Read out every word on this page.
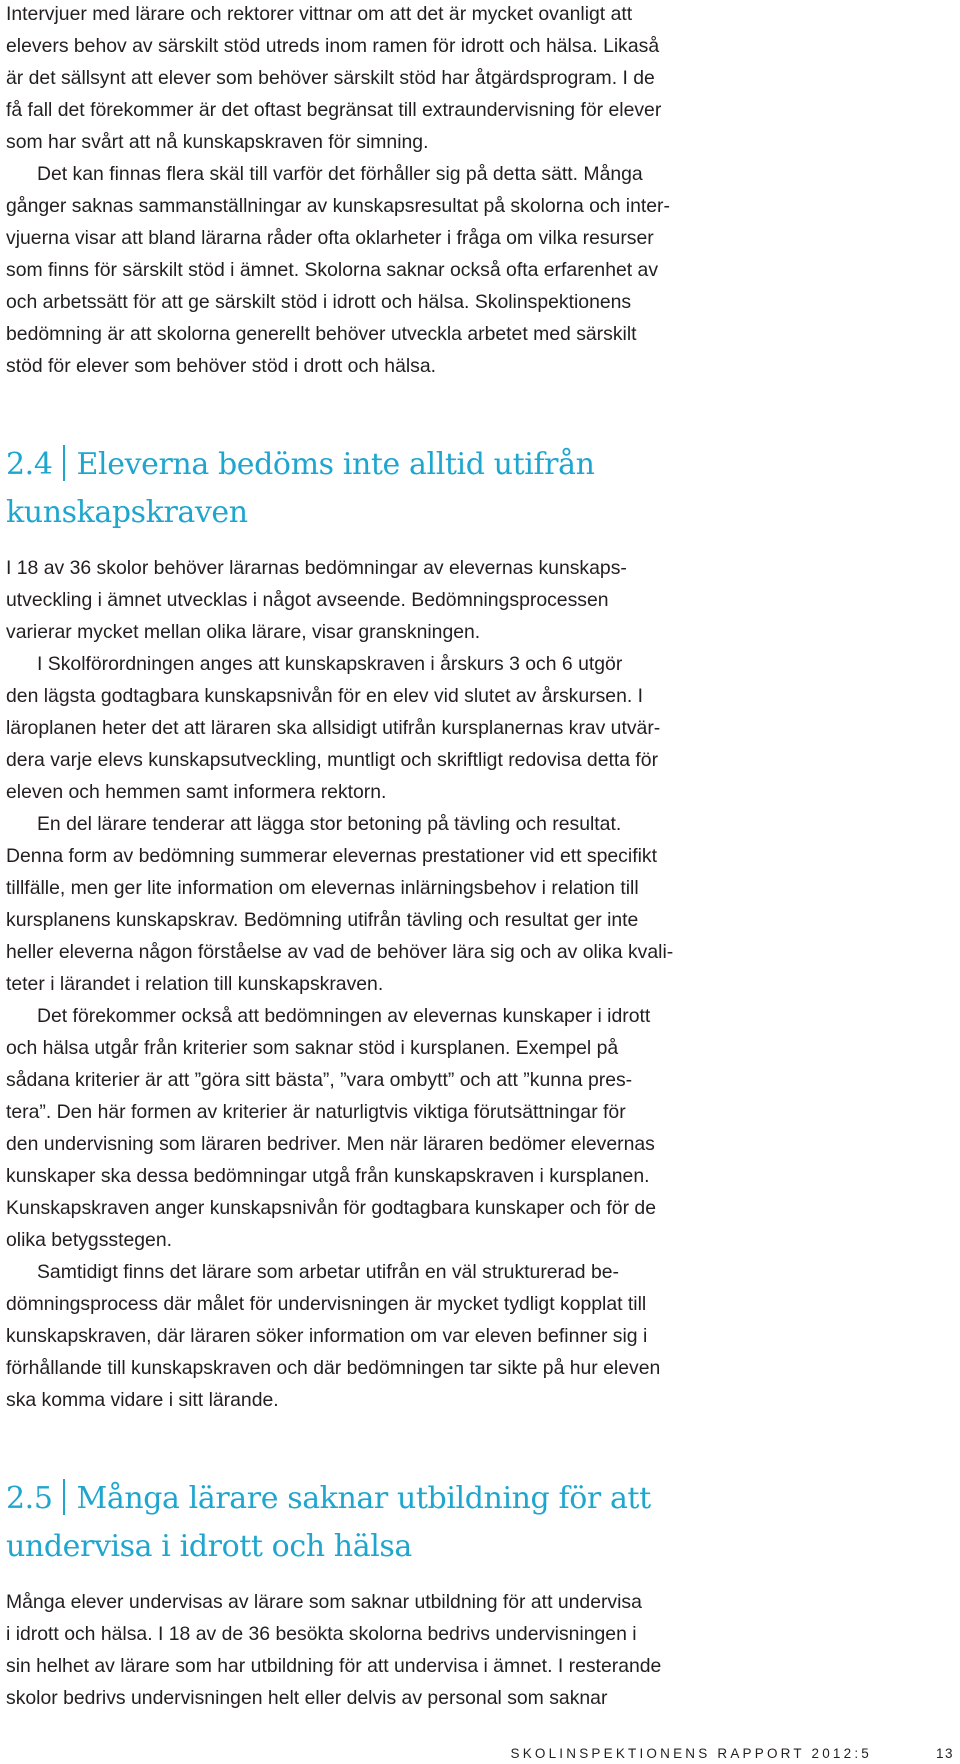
Intervjuer med lärare och rektorer vittnar om att det är mycket ovanligt att
elevers behov av särskilt stöd utreds inom ramen för idrott och hälsa. Likaså
är det sällsynt att elever som behöver särskilt stöd har åtgärdsprogram. I de
få fall det förekommer är det oftast begränsat till extraundervisning för elever
som har svårt att nå kunskapskraven för simning.

Det kan finnas flera skäl till varför det förhåller sig på detta sätt. Många
gånger saknas sammanställningar av kunskapsresultat på skolorna och inter-
vjuerna visar att bland lärarna råder ofta oklarheter i fråga om vilka resurser
som finns för särskilt stöd i ämnet. Skolorna saknar också ofta erfarenhet av
och arbetssätt för att ge särskilt stöd i idrott och hälsa. Skolinspektionens
bedömning är att skolorna generellt behöver utveckla arbetet med särskilt
stöd för elever som behöver stöd i drott och hälsa.

2.4 Eleverna bedöms inte alltid utifrån
kunskapskraven

I 18 av 36 skolor behöver lärarnas bedömningar av elevernas kunskaps-
utveckling i ämnet utvecklas i något avseende. Bedömningsprocessen
varierar mycket mellan olika lärare, visar granskningen.

I Skolförordningen anges att kunskapskraven i årskurs 3 och 6 utgör
den lägsta godtagbara kunskapsnivån för en elev vid slutet av årskursen. I
läroplanen heter det att läraren ska allsidigt utifrån kursplanernas krav utvär-
dera varje elevs kunskapsutveckling, muntligt och skriftligt redovisa detta för
eleven och hemmen samt informera rektorn.

En del lärare tenderar att lägga stor betoning på tävling och resultat.
Denna form av bedömning summerar elevernas prestationer vid ett specifikt
tillfälle, men ger lite information om elevernas inlärningsbehov i relation till
kursplanens kunskapskrav. Bedömning utifrån tävling och resultat ger inte
heller eleverna någon förståelse av vad de behöver lära sig och av olika kvali-
teter i lärandet i relation till kunskapskraven.

Det förekommer också att bedömningen av elevernas kunskaper i idrott
och hälsa utgår från kriterier som saknar stöd i kursplanen. Exempel på
sådana kriterier är att ”göra sitt bästa”, ”vara ombytt” och att ”kunna pres-
tera”. Den här formen av kriterier är naturligtvis viktiga förutsättningar för
den undervisning som läraren bedriver. Men när läraren bedömer elevernas
kunskaper ska dessa bedömningar utgå från kunskapskraven i kursplanen.
Kunskapskraven anger kunskapsnivån för godtagbara kunskaper och för de
olika betygsstegen.

Samtidigt finns det lärare som arbetar utifrån en väl strukturerad be-
dömningsprocess där målet för undervisningen är mycket tydligt kopplat till
kunskapskraven, där läraren söker information om var eleven befinner sig i
förhållande till kunskapskraven och där bedömningen tar sikte på hur eleven
ska komma vidare i sitt lärande.

2.5 Många lärare saknar utbildning för att
undervisa i idrott och hälsa

Många elever undervisas av lärare som saknar utbildning för att undervisa
i idrott och hälsa. I 18 av de 36 besökta skolorna bedrivs undervisningen i
sin helhet av lärare som har utbildning för att undervisa i ämnet. I resterande
skolor bedrivs undervisningen helt eller delvis av personal som saknar

SKOLINSPEKTIONENS RAPPORT 2012:5	13
